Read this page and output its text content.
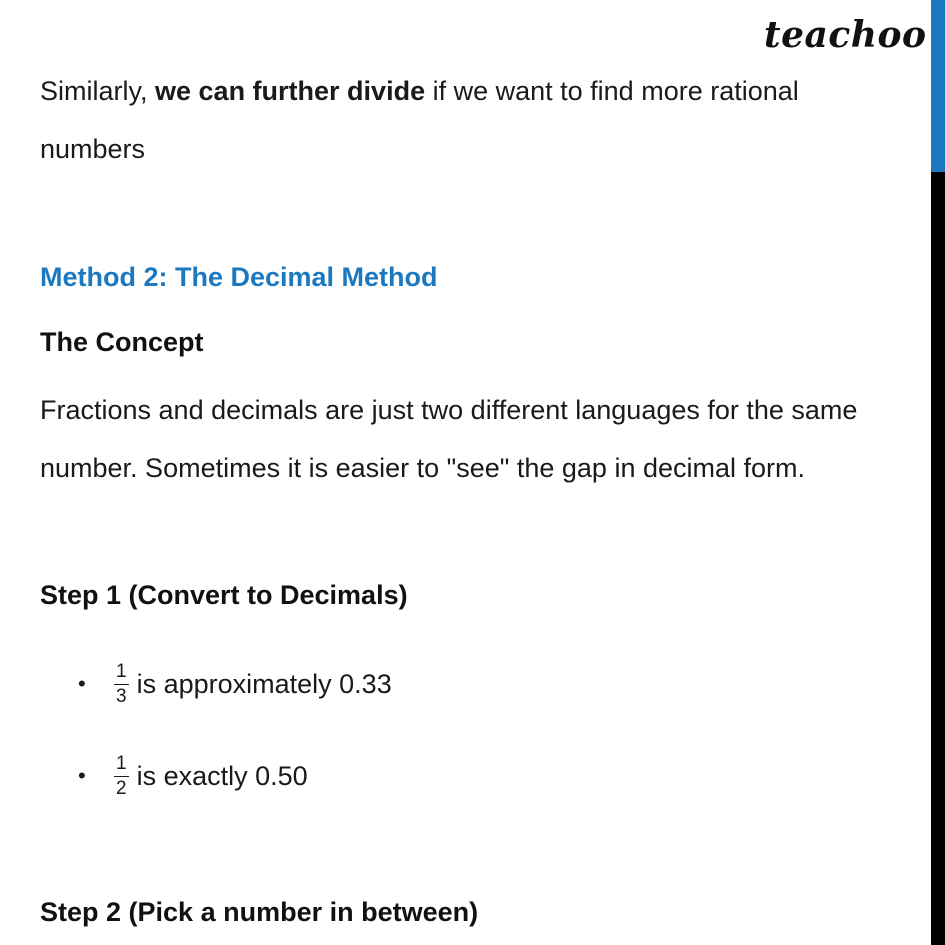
teachoo
Similarly, we can further divide if we want to find more rational
numbers
Method 2: The Decimal Method
The Concept
Fractions and decimals are just two different languages for the same
number. Sometimes it is easier to "see" the gap in decimal form.
Step 1 (Convert to Decimals)
•	$\frac{1}{3}$ is approximately 0.33
•	$\frac{1}{2}$ is exactly 0.50
Step 2 (Pick a number in between)
